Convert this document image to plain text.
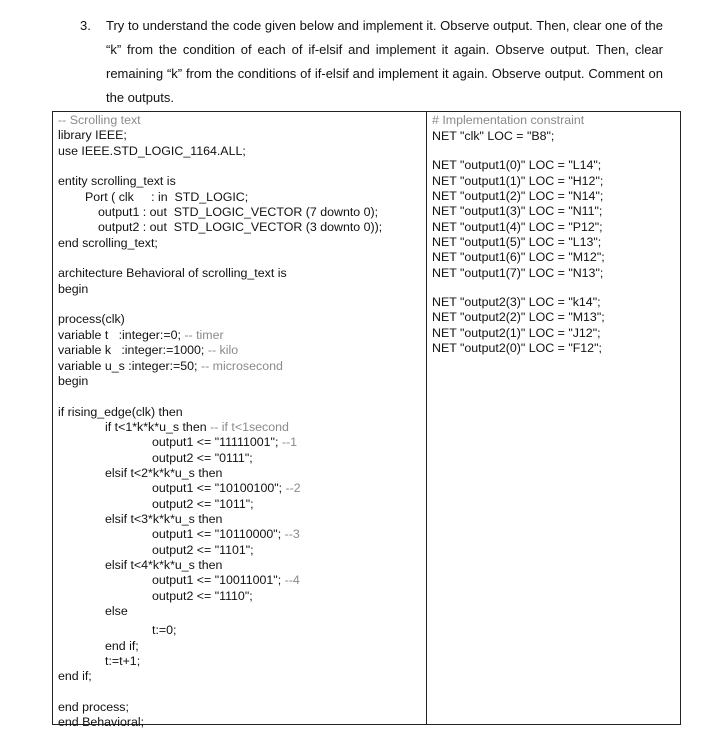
3.	Try to understand the code given below and implement it. Observe output. Then, clear one of the “k” from the condition of each of if-elsif and implement it again. Observe output. Then, clear remaining “k” from the conditions of if-elsif and implement it again. Observe output. Comment on the outputs.
-- Scrolling text
library IEEE;
use IEEE.STD_LOGIC_1164.ALL;
entity scrolling_text is
Port ( clk     : in  STD_LOGIC;
output1 : out  STD_LOGIC_VECTOR (7 downto 0);
output2 : out  STD_LOGIC_VECTOR (3 downto 0));
end scrolling_text;
architecture Behavioral of scrolling_text is
begin
process(clk)
variable t   :integer:=0; -- timer
variable k   :integer:=1000; -- kilo
variable u_s :integer:=50; -- microsecond
begin
if rising_edge(clk) then
if t<1*k*k*u_s then -- if t<1second
output1 <= "11111001"; --1
output2 <= "0111";
elsif t<2*k*k*u_s then
output1 <= "10100100"; --2
output2 <= "1011";
elsif t<3*k*k*u_s then
output1 <= "10110000"; --3
output2 <= "1101";
elsif t<4*k*k*u_s then
output1 <= "10011001"; --4
output2 <= "1110";
else
t:=0;
end if;
t:=t+1;
end if;
end process;
end Behavioral;
# Implementation constraint
NET "clk" LOC = "B8";
NET "output1(0)" LOC = "L14";
NET "output1(1)" LOC = "H12";
NET "output1(2)" LOC = "N14";
NET "output1(3)" LOC = "N11";
NET "output1(4)" LOC = "P12";
NET "output1(5)" LOC = "L13";
NET "output1(6)" LOC = "M12";
NET "output1(7)" LOC = "N13";
NET "output2(3)" LOC = "k14";
NET "output2(2)" LOC = "M13";
NET "output2(1)" LOC = "J12";
NET "output2(0)" LOC = "F12";
